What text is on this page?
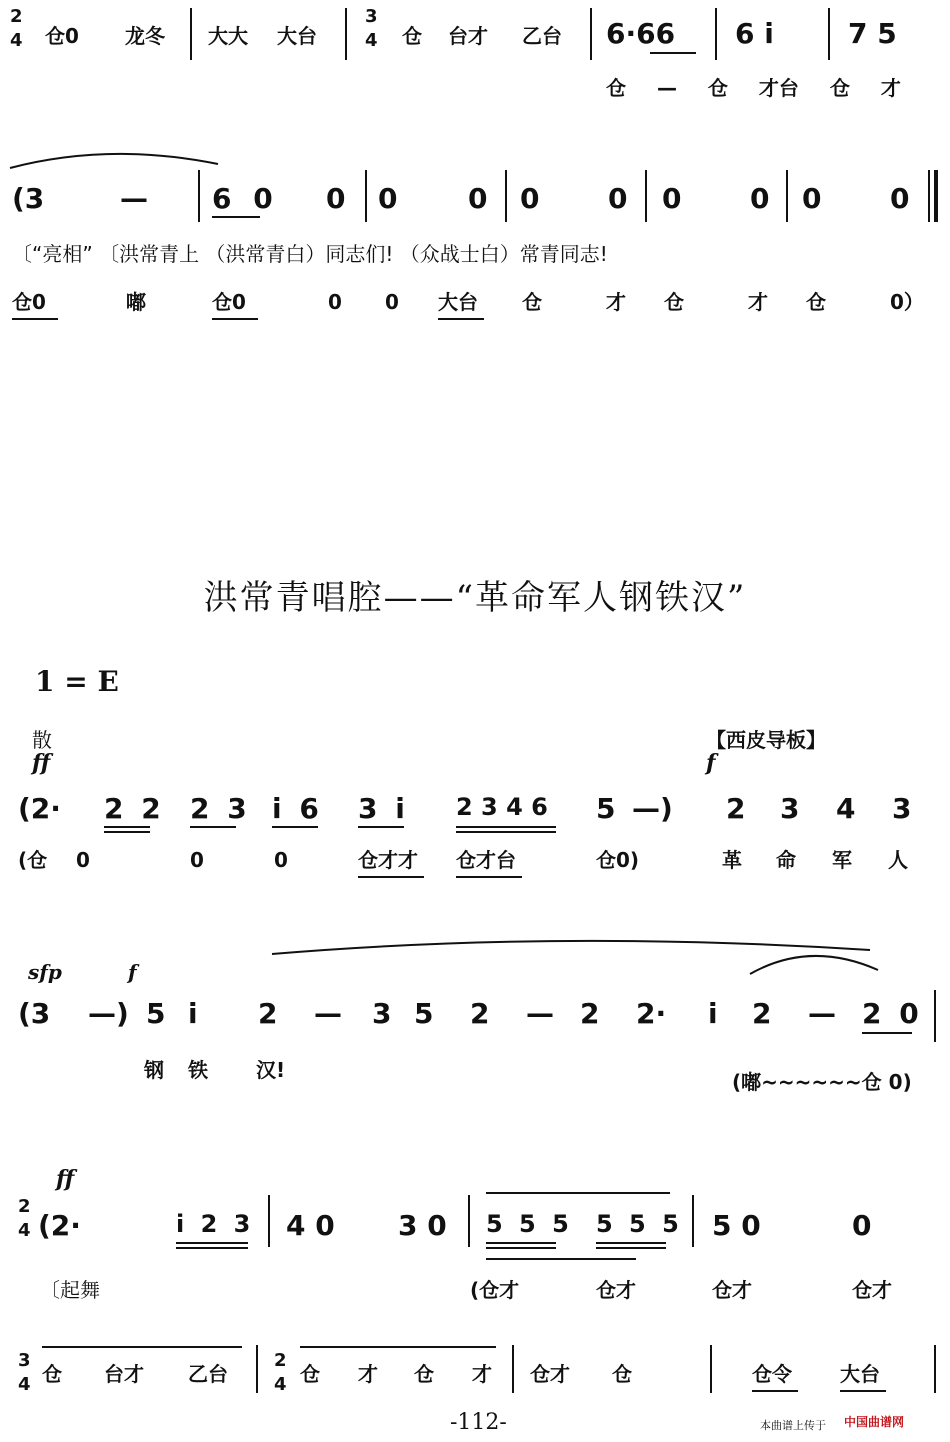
2
4 仓0 龙冬 大大 大台
3
4 仓 台才 乙台 6·66 6 i	7 5
仓 — 仓 才台 仓 才
(3	— 6 0 0 0	0 0 0 0 0 0 0
〔“亮相” 〔洪常青上 （洪常青白）同志们! （众战士白）常青同志!
仓0	嘟	仓0	0 0 大台 仓	才 仓	才 仓	0）
洪常青唱腔——“革命军人钢铁汉”
1 = E
散
ff
【西皮导板】
f
(2· 2 2 2 3 i 6 3 i 2 3 4 6 5 —) 2 3 4 3
(仓 0	0	0	仓才才 仓才台	仓0)	革 命 军 人
sfp	f
(3 —) 5 i 2 — 3 5 2 — 2 2· i 2 — 2 0
钢 铁 汉!	(嘟~~~~~~仓 0)
ff
2
4 (2·	i 2 3 4 0 3 0 5 5 5 5 5 5 5 0	0
〔起舞	(仓才	仓才	仓才	仓才
3
4 仓 台才 乙台
2
4 仓 才 仓 才 仓才 仓	仓令 大台
-112-	本曲谱上传于 中国曲谱网
